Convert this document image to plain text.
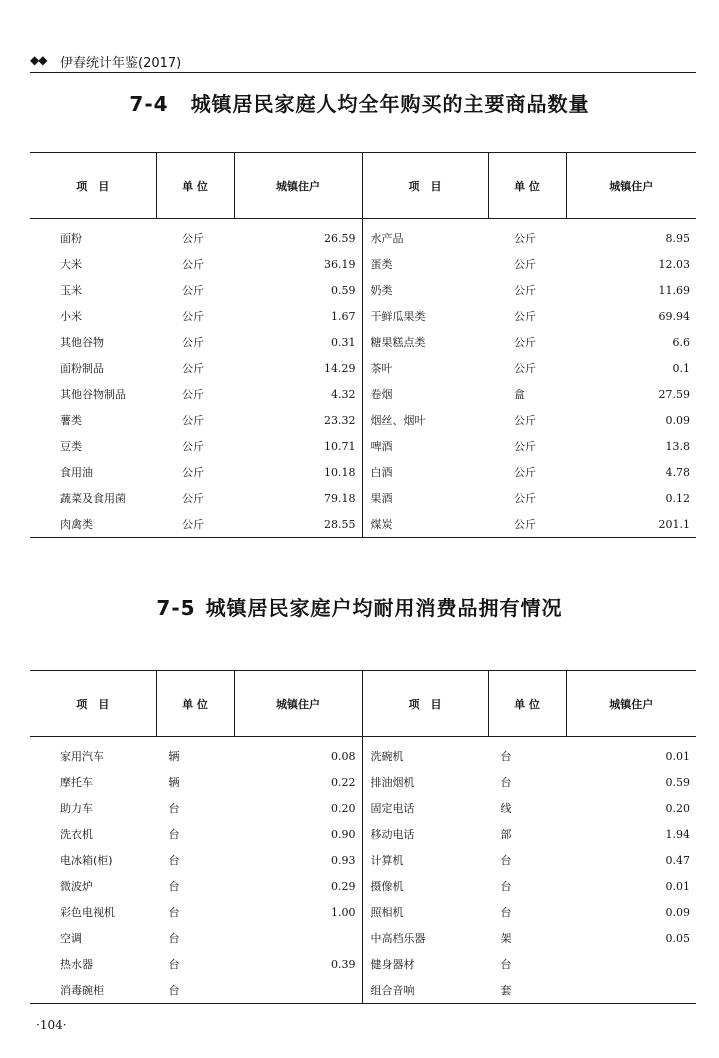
◆◆ 伊春统计年鉴(2017)
7-4 城镇居民家庭人均全年购买的主要商品数量
项　目	单 位	城镇住户	项　目	单 位	城镇住户
面粉	公斤	26.59	水产品	公斤	8.95
大米	公斤	36.19	蛋类	公斤	12.03
玉米	公斤	0.59	奶类	公斤	11.69
小米	公斤	1.67	干鲜瓜果类	公斤	69.94
其他谷物	公斤	0.31	糖果糕点类	公斤	6.6
面粉制品	公斤	14.29	茶叶	公斤	0.1
其他谷物制品	公斤	4.32	卷烟	盒	27.59
薯类	公斤	23.32	烟丝、烟叶	公斤	0.09
豆类	公斤	10.71	啤酒	公斤	13.8
食用油	公斤	10.18	白酒	公斤	4.78
蔬菜及食用菌	公斤	79.18	果酒	公斤	0.12
肉禽类	公斤	28.55	煤炭	公斤	201.1
7-5 城镇居民家庭户均耐用消费品拥有情况
项　目	单 位	城镇住户	项　目	单 位	城镇住户
家用汽车	辆	0.08	洗碗机	台	0.01
摩托车	辆	0.22	排油烟机	台	0.59
助力车	台	0.20	固定电话	线	0.20
洗衣机	台	0.90	移动电话	部	1.94
电冰箱(柜)	台	0.93	计算机	台	0.47
微波炉	台	0.29	摄像机	台	0.01
彩色电视机	台	1.00	照相机	台	0.09
空调	台		中高档乐器	架	0.05
热水器	台	0.39	健身器材	台	
消毒碗柜	台		组合音响	套	
·104·
